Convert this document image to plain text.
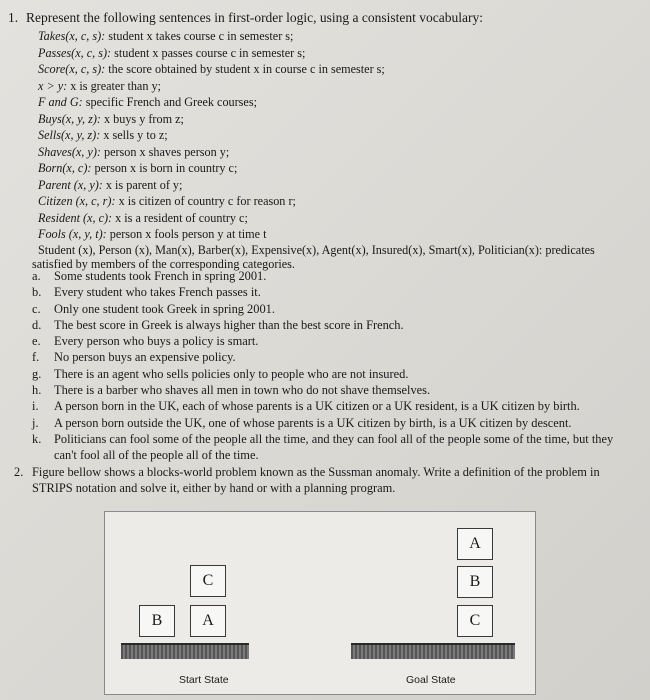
1. Represent the following sentences in first-order logic, using a consistent vocabulary:
Takes(x, c, s): student x takes course c in semester s;
Passes(x, c, s): student x passes course c in semester s;
Score(x, c, s): the score obtained by student x in course c in semester s;
x > y: x is greater than y;
F and G: specific French and Greek courses;
Buys(x, y, z): x buys y from z;
Sells(x, y, z): x sells y to z;
Shaves(x, y): person x shaves person y;
Born(x, c): person x is born in country c;
Parent (x, y): x is parent of y;
Citizen (x, c, r): x is citizen of country c for reason r;
Resident (x, c): x is a resident of country c;
Fools (x, y, t): person x fools person y at time t
Student (x), Person (x), Man(x), Barber(x), Expensive(x), Agent(x), Insured(x), Smart(x), Politician(x): predicates satisfied by members of the corresponding categories.
a.	Some students took French in spring 2001.
b.	Every student who takes French passes it.
c.	Only one student took Greek in spring 2001.
d.	The best score in Greek is always higher than the best score in French.
e.	Every person who buys a policy is smart.
f.	No person buys an expensive policy.
g.	There is an agent who sells policies only to people who are not insured.
h.	There is a barber who shaves all men in town who do not shave themselves.
i.	A person born in the UK, each of whose parents is a UK citizen or a UK resident, is a UK citizen by birth.
j.	A person born outside the UK, one of whose parents is a UK citizen by birth, is a UK citizen by descent.
k.	Politicians can fool some of the people all the time, and they can fool all of the people some of the time, but they can't fool all of the people all of the time.
2. Figure bellow shows a blocks-world problem known as the Sussman anomaly. Write a definition of the problem in STRIPS notation and solve it, either by hand or with a planning program.
C
B	A
Start State
A
B
C
Goal State
